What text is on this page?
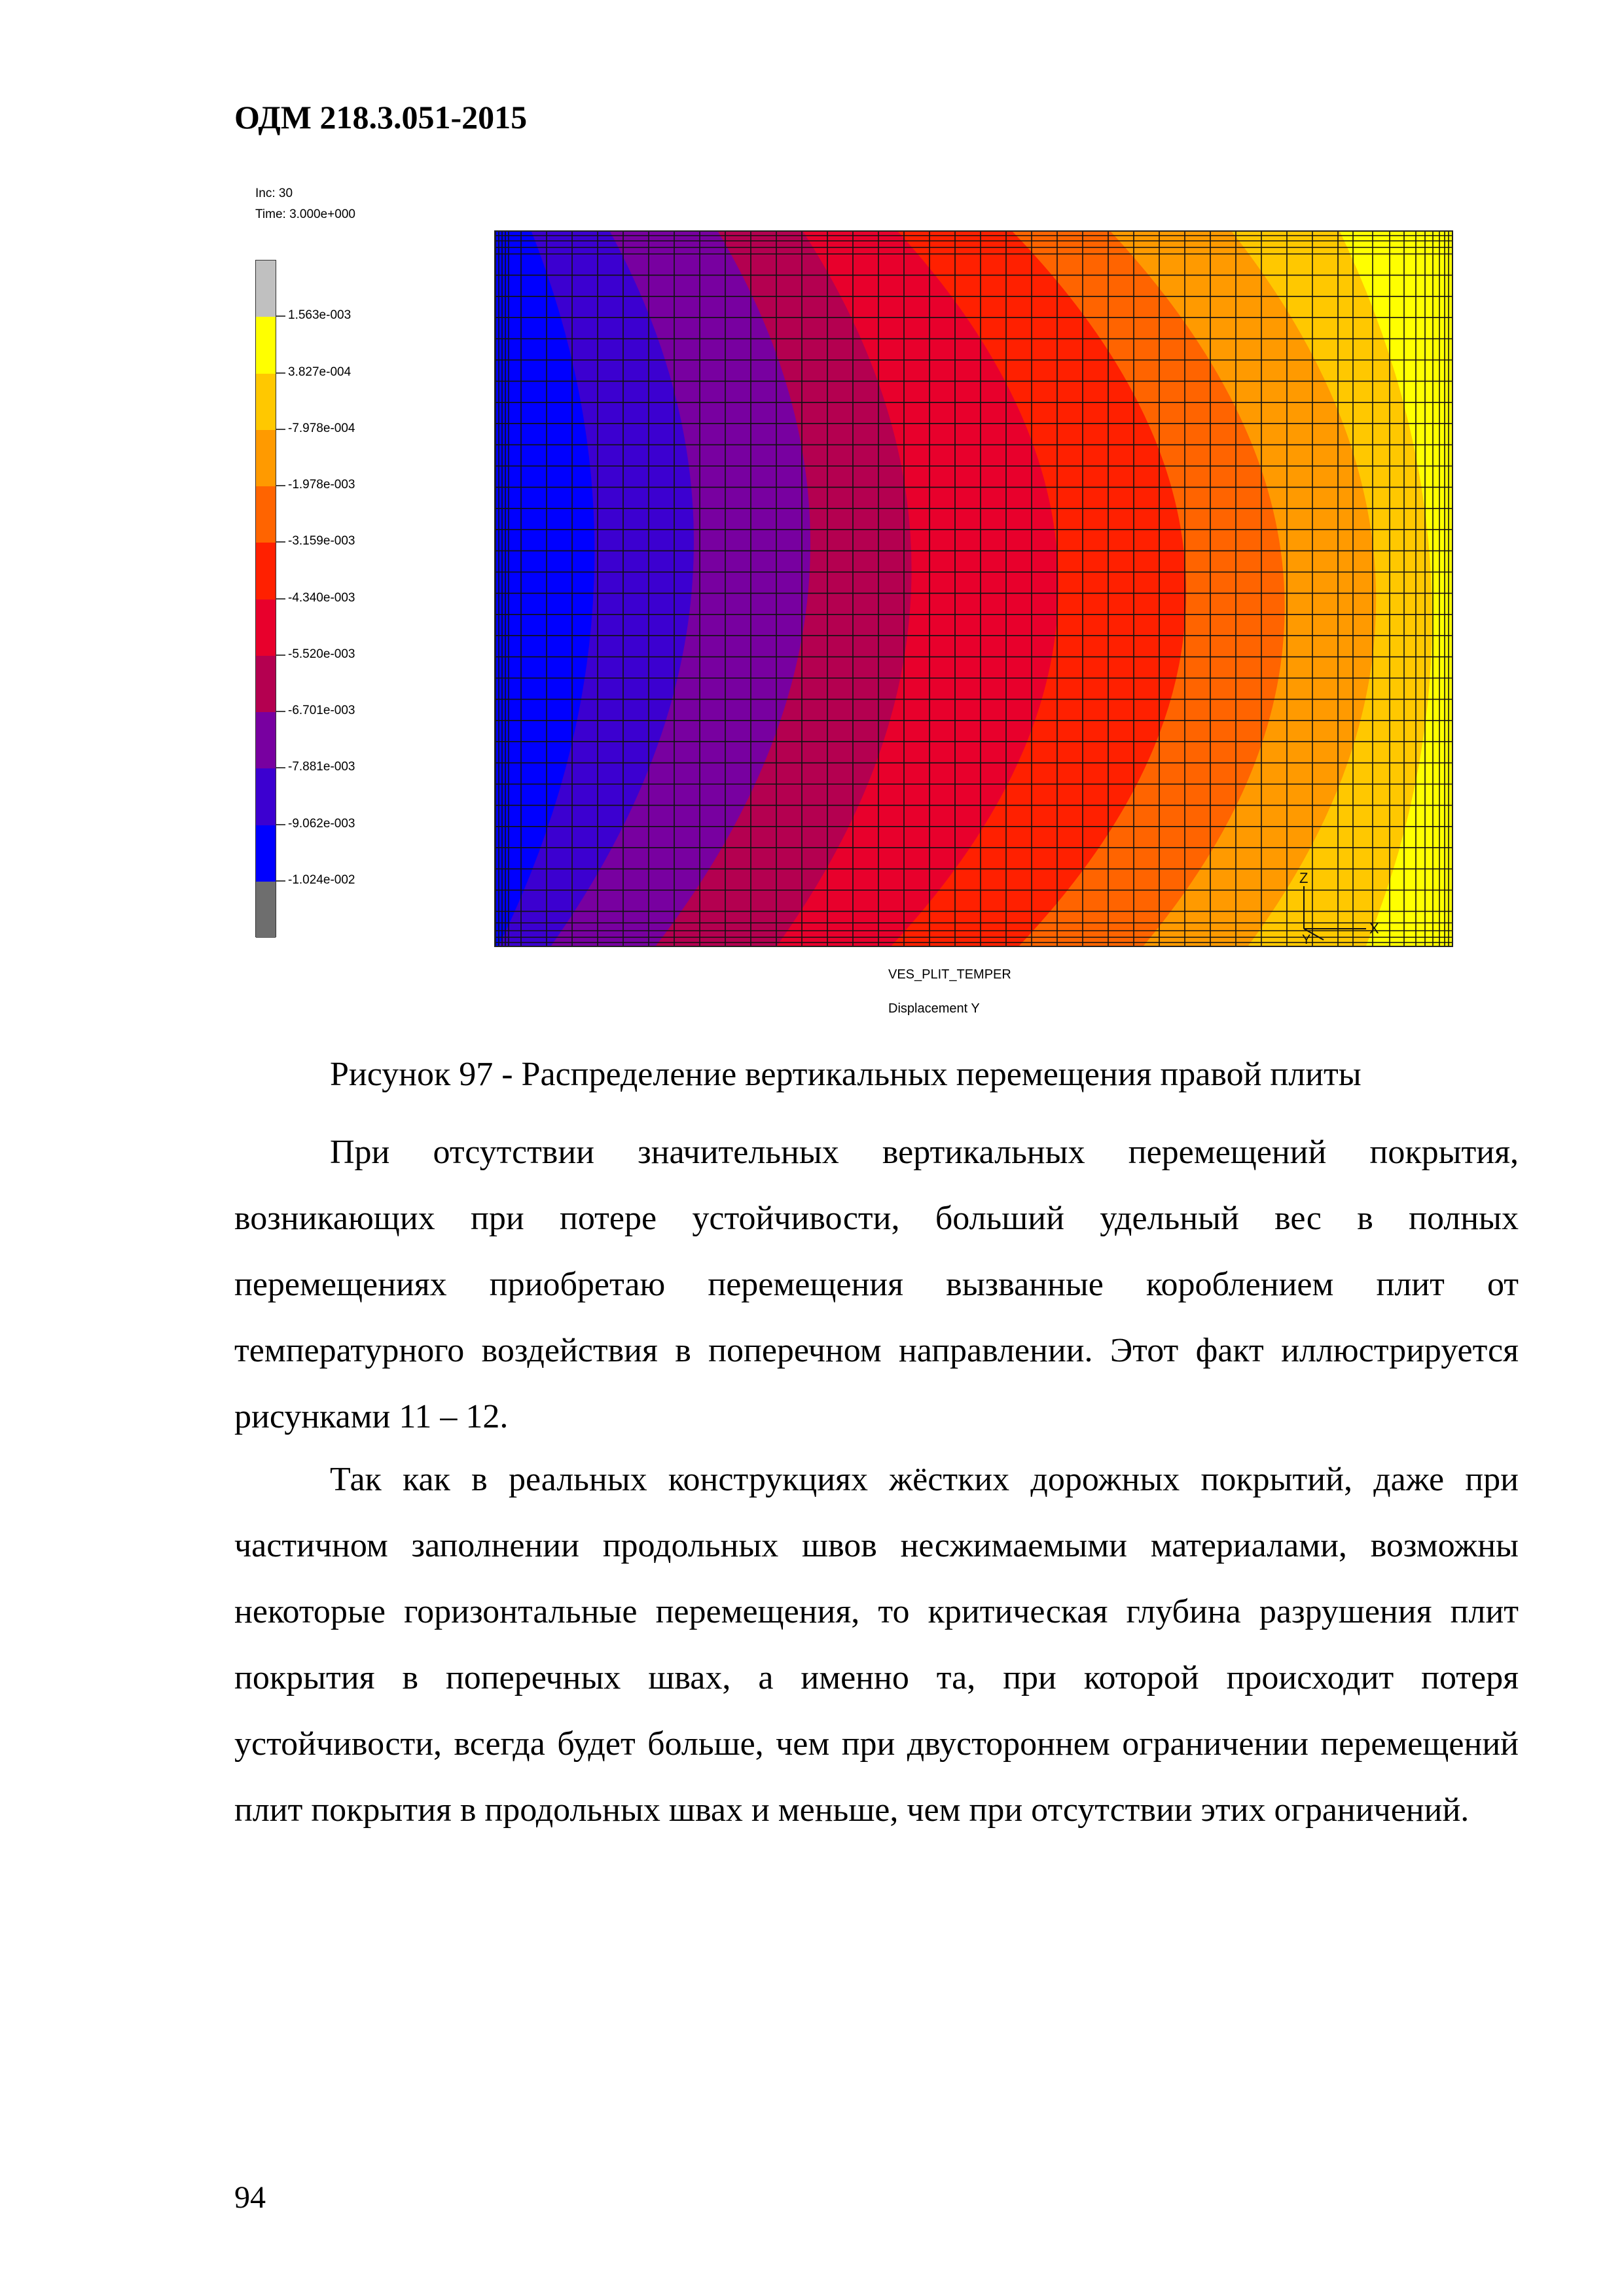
ОДМ 218.3.051-2015
Inc: 30
Time: 3.000e+000
1.563e-003
3.827e-004
-7.978e-004
-1.978e-003
-3.159e-003
-4.340e-003
-5.520e-003
-6.701e-003
-7.881e-003
-9.062e-003
-1.024e-002	Z
X
Y
VES_PLIT_TEMPER
Displacement Y
Рисунок 97 - Распределение вертикальных перемещения правой плиты
При отсутствии значительных вертикальных перемещений покрытия, возникающих при потере устойчивости, больший удельный вес в полных перемещениях приобретаю перемещения вызванные короблением плит от температурного воздействия в поперечном направлении. Этот факт иллюстрируется рисунками 11 – 12.
Так как в реальных конструкциях жёстких дорожных покрытий, даже при частичном заполнении продольных швов несжимаемыми материалами, возможны некоторые горизонтальные перемещения, то критическая глубина разрушения плит покрытия в поперечных швах, а именно та, при которой происходит потеря устойчивости, всегда будет больше, чем при двустороннем ограничении перемещений плит покрытия в продольных швах и меньше, чем при отсутствии этих ограничений.
94
